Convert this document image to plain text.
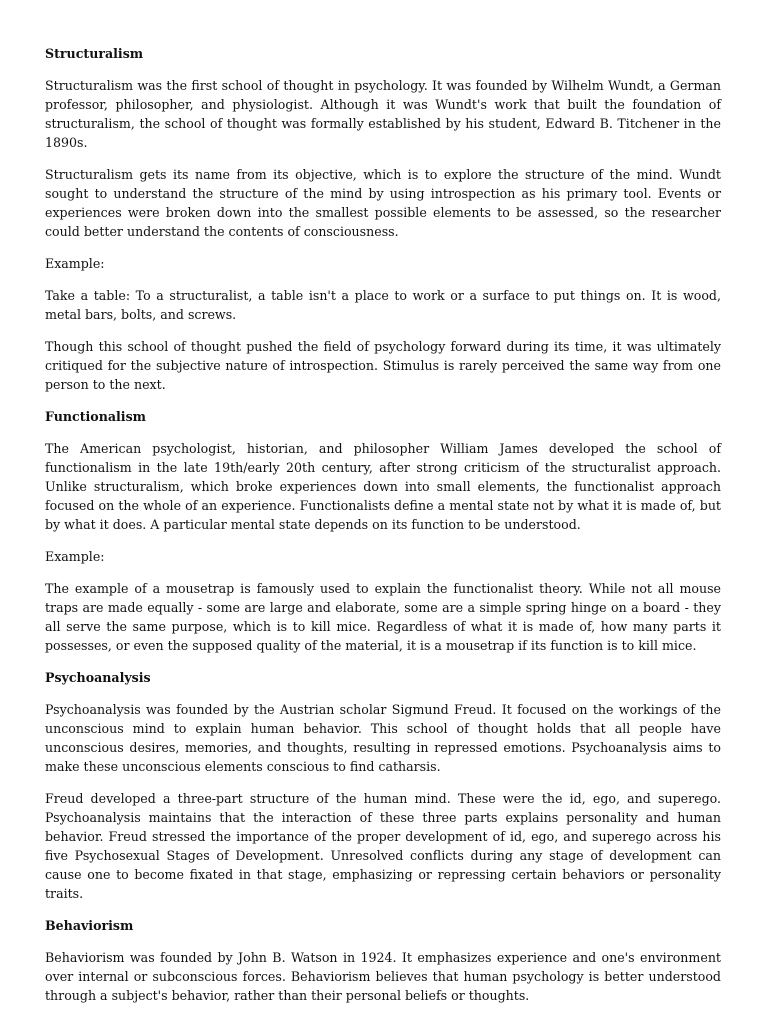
Structuralism

Structuralism was the first school of thought in psychology. It was founded by Wilhelm Wundt, a German professor, philosopher, and physiologist. Although it was Wundt's work that built the foundation of structuralism, the school of thought was formally established by his student, Edward B. Titchener in the 1890s.

Structuralism gets its name from its objective, which is to explore the structure of the mind. Wundt sought to understand the structure of the mind by using introspection as his primary tool. Events or experiences were broken down into the smallest possible elements to be assessed, so the researcher could better understand the contents of consciousness.

Example:

Take a table: To a structuralist, a table isn't a place to work or a surface to put things on. It is wood, metal bars, bolts, and screws.

Though this school of thought pushed the field of psychology forward during its time, it was ultimately critiqued for the subjective nature of introspection. Stimulus is rarely perceived the same way from one person to the next.

Functionalism

The American psychologist, historian, and philosopher William James developed the school of functionalism in the late 19th/early 20th century, after strong criticism of the structuralist approach. Unlike structuralism, which broke experiences down into small elements, the functionalist approach focused on the whole of an experience. Functionalists define a mental state not by what it is made of, but by what it does. A particular mental state depends on its function to be understood.

Example:

The example of a mousetrap is famously used to explain the functionalist theory. While not all mouse traps are made equally - some are large and elaborate, some are a simple spring hinge on a board - they all serve the same purpose, which is to kill mice. Regardless of what it is made of, how many parts it possesses, or even the supposed quality of the material, it is a mousetrap if its function is to kill mice.

Psychoanalysis

Psychoanalysis was founded by the Austrian scholar Sigmund Freud. It focused on the workings of the unconscious mind to explain human behavior. This school of thought holds that all people have unconscious desires, memories, and thoughts, resulting in repressed emotions. Psychoanalysis aims to make these unconscious elements conscious to find catharsis.

Freud developed a three-part structure of the human mind. These were the id, ego, and superego. Psychoanalysis maintains that the interaction of these three parts explains personality and human behavior. Freud stressed the importance of the proper development of id, ego, and superego across his five Psychosexual Stages of Development. Unresolved conflicts during any stage of development can cause one to become fixated in that stage, emphasizing or repressing certain behaviors or personality traits.

Behaviorism

Behaviorism was founded by John B. Watson in 1924. It emphasizes experience and one's environment over internal or subconscious forces. Behaviorism believes that human psychology is better understood through a subject's behavior, rather than their personal beliefs or thoughts.
